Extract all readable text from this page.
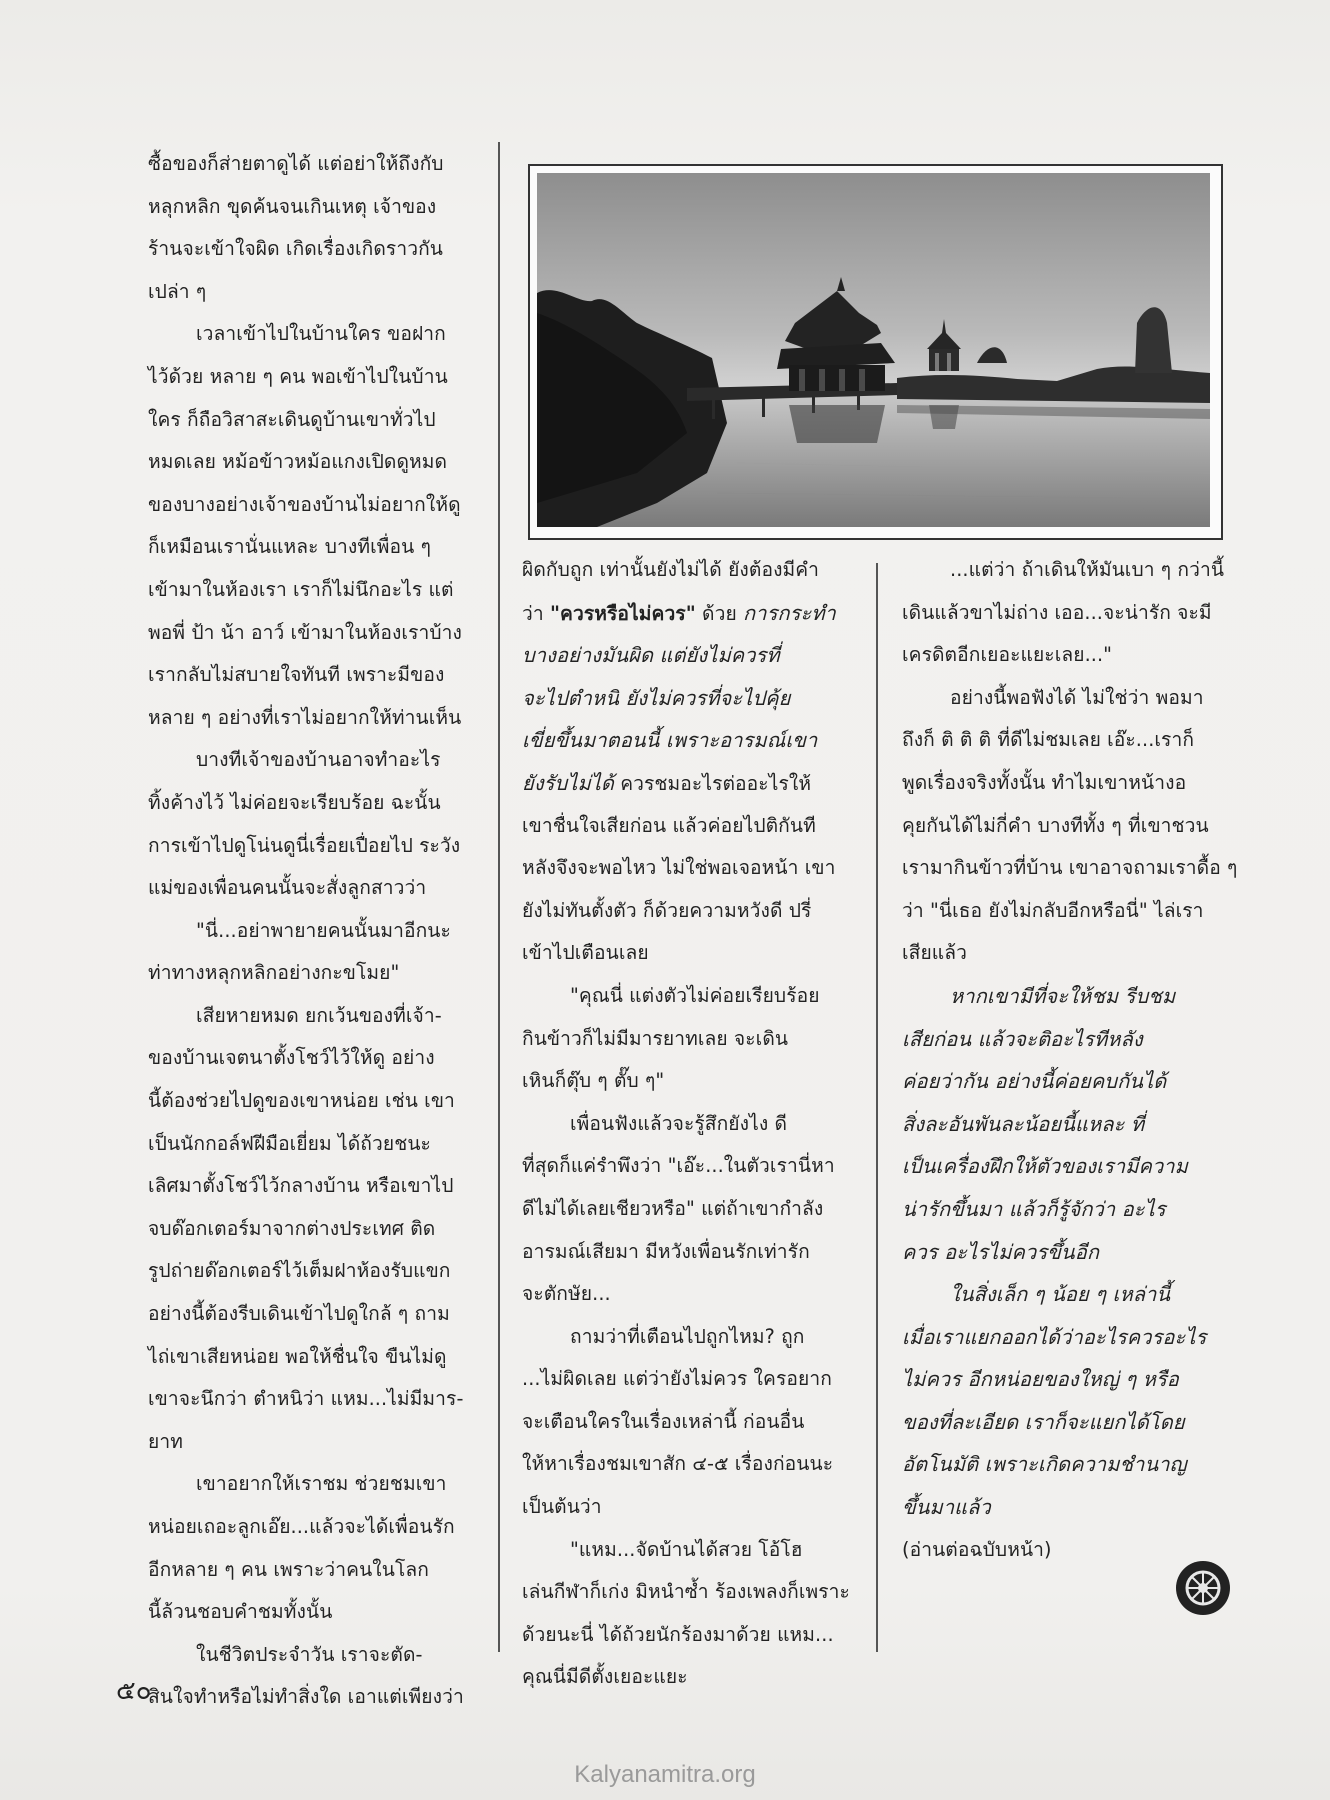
ซื้อของก็ส่ายตาดูได้ แต่อย่าให้ถึงกับ
หลุกหลิก ขุดค้นจนเกินเหตุ เจ้าของ
ร้านจะเข้าใจผิด เกิดเรื่องเกิดราวกัน
เปล่า ๆ
เวลาเข้าไปในบ้านใคร ขอฝาก
ไว้ด้วย หลาย ๆ คน พอเข้าไปในบ้าน
ใคร ก็ถือวิสาสะเดินดูบ้านเขาทั่วไป
หมดเลย หม้อข้าวหม้อแกงเปิดดูหมด
ของบางอย่างเจ้าของบ้านไม่อยากให้ดู
ก็เหมือนเรานั่นแหละ บางทีเพื่อน ๆ
เข้ามาในห้องเรา เราก็ไม่นึกอะไร แต่
พอพี่ ป้า น้า อาว์ เข้ามาในห้องเราบ้าง
เรากลับไม่สบายใจทันที เพราะมีของ
หลาย ๆ อย่างที่เราไม่อยากให้ท่านเห็น
บางทีเจ้าของบ้านอาจทำอะไร
ทิ้งค้างไว้ ไม่ค่อยจะเรียบร้อย ฉะนั้น
การเข้าไปดูโน่นดูนี่เรื่อยเปื่อยไป ระวัง
แม่ของเพื่อนคนนั้นจะสั่งลูกสาวว่า
"นี่...อย่าพายายคนนั้นมาอีกนะ
ท่าทางหลุกหลิกอย่างกะขโมย"
เสียหายหมด ยกเว้นของที่เจ้า-
ของบ้านเจตนาตั้งโชว์ไว้ให้ดู อย่าง
นี้ต้องช่วยไปดูของเขาหน่อย เช่น เขา
เป็นนักกอล์ฟฝีมือเยี่ยม ได้ถ้วยชนะ
เลิศมาตั้งโชว์ไว้กลางบ้าน หรือเขาไป
จบด๊อกเตอร์มาจากต่างประเทศ ติด
รูปถ่ายด๊อกเตอร์ไว้เต็มฝาห้องรับแขก
อย่างนี้ต้องรีบเดินเข้าไปดูใกล้ ๆ ถาม
ไถ่เขาเสียหน่อย พอให้ชื่นใจ ขืนไม่ดู
เขาจะนึกว่า ตำหนิว่า แหม...ไม่มีมาร-
ยาท
เขาอยากให้เราชม ช่วยชมเขา
หน่อยเถอะลูกเอ๊ย...แล้วจะได้เพื่อนรัก
อีกหลาย ๆ คน เพราะว่าคนในโลก
นี้ล้วนชอบคำชมทั้งนั้น
ในชีวิตประจำวัน เราจะตัด-
สินใจทำหรือไม่ทำสิ่งใด เอาแต่เพียงว่า
ผิดกับถูก เท่านั้นยังไม่ได้ ยังต้องมีคำ
ว่า "ควรหรือไม่ควร" ด้วย การกระทำ
บางอย่างมันผิด แต่ยังไม่ควรที่
จะไปตำหนิ ยังไม่ควรที่จะไปคุ้ย
เขี่ยขึ้นมาตอนนี้ เพราะอารมณ์เขา
ยังรับไม่ได้ ควรชมอะไรต่ออะไรให้
เขาชื่นใจเสียก่อน แล้วค่อยไปติกันที
หลังจึงจะพอไหว ไม่ใช่พอเจอหน้า เขา
ยังไม่ทันตั้งตัว ก็ด้วยความหวังดี ปรี่
เข้าไปเตือนเลย
"คุณนี่ แต่งตัวไม่ค่อยเรียบร้อย
กินข้าวก็ไม่มีมารยาทเลย จะเดิน
เหินก็ตุ๊บ ๆ ตั๊บ ๆ"
เพื่อนฟังแล้วจะรู้สึกยังไง ดี
ที่สุดก็แค่รำพึงว่า "เอ๊ะ...ในตัวเรานี่หา
ดีไม่ได้เลยเชียวหรือ" แต่ถ้าเขากำลัง
อารมณ์เสียมา มีหวังเพื่อนรักเท่ารัก
จะตักษัย...
ถามว่าที่เตือนไปถูกไหม? ถูก
...ไม่ผิดเลย แต่ว่ายังไม่ควร ใครอยาก
จะเตือนใครในเรื่องเหล่านี้ ก่อนอื่น
ให้หาเรื่องชมเขาสัก ๔-๕ เรื่องก่อนนะ
เป็นต้นว่า
"แหม...จัดบ้านได้สวย โอ้โฮ
เล่นกีฬาก็เก่ง มิหนำซ้ำ ร้องเพลงก็เพราะ
ด้วยนะนี่ ได้ถ้วยนักร้องมาด้วย แหม...
คุณนี่มีดีตั้งเยอะแยะ
...แต่ว่า ถ้าเดินให้มันเบา ๆ กว่านี้
เดินแล้วขาไม่ถ่าง เออ...จะน่ารัก จะมี
เครดิตอีกเยอะแยะเลย..."
อย่างนี้พอฟังได้ ไม่ใช่ว่า พอมา
ถึงก็ ติ ติ ติ ที่ดีไม่ชมเลย เอ๊ะ...เราก็
พูดเรื่องจริงทั้งนั้น ทำไมเขาหน้างอ
คุยกันได้ไม่กี่คำ บางทีทั้ง ๆ ที่เขาชวน
เรามากินข้าวที่บ้าน เขาอาจถามเราดื้อ ๆ
ว่า "นี่เธอ ยังไม่กลับอีกหรือนี่" ไล่เรา
เสียแล้ว
หากเขามีที่จะให้ชม รีบชม
เสียก่อน แล้วจะติอะไรทีหลัง
ค่อยว่ากัน อย่างนี้ค่อยคบกันได้
สิ่งละอันพันละน้อยนี้แหละ ที่
เป็นเครื่องฝึกให้ตัวของเรามีความ
น่ารักขึ้นมา แล้วก็รู้จักว่า อะไร
ควร อะไรไม่ควรขึ้นอีก
ในสิ่งเล็ก ๆ น้อย ๆ เหล่านี้
เมื่อเราแยกออกได้ว่าอะไรควรอะไร
ไม่ควร อีกหน่อยของใหญ่ ๆ หรือ
ของที่ละเอียด เราก็จะแยกได้โดย
อัตโนมัติ เพราะเกิดความชำนาญ
ขึ้นมาแล้ว
(อ่านต่อฉบับหน้า)
๕๐
Kalyanamitra.org
